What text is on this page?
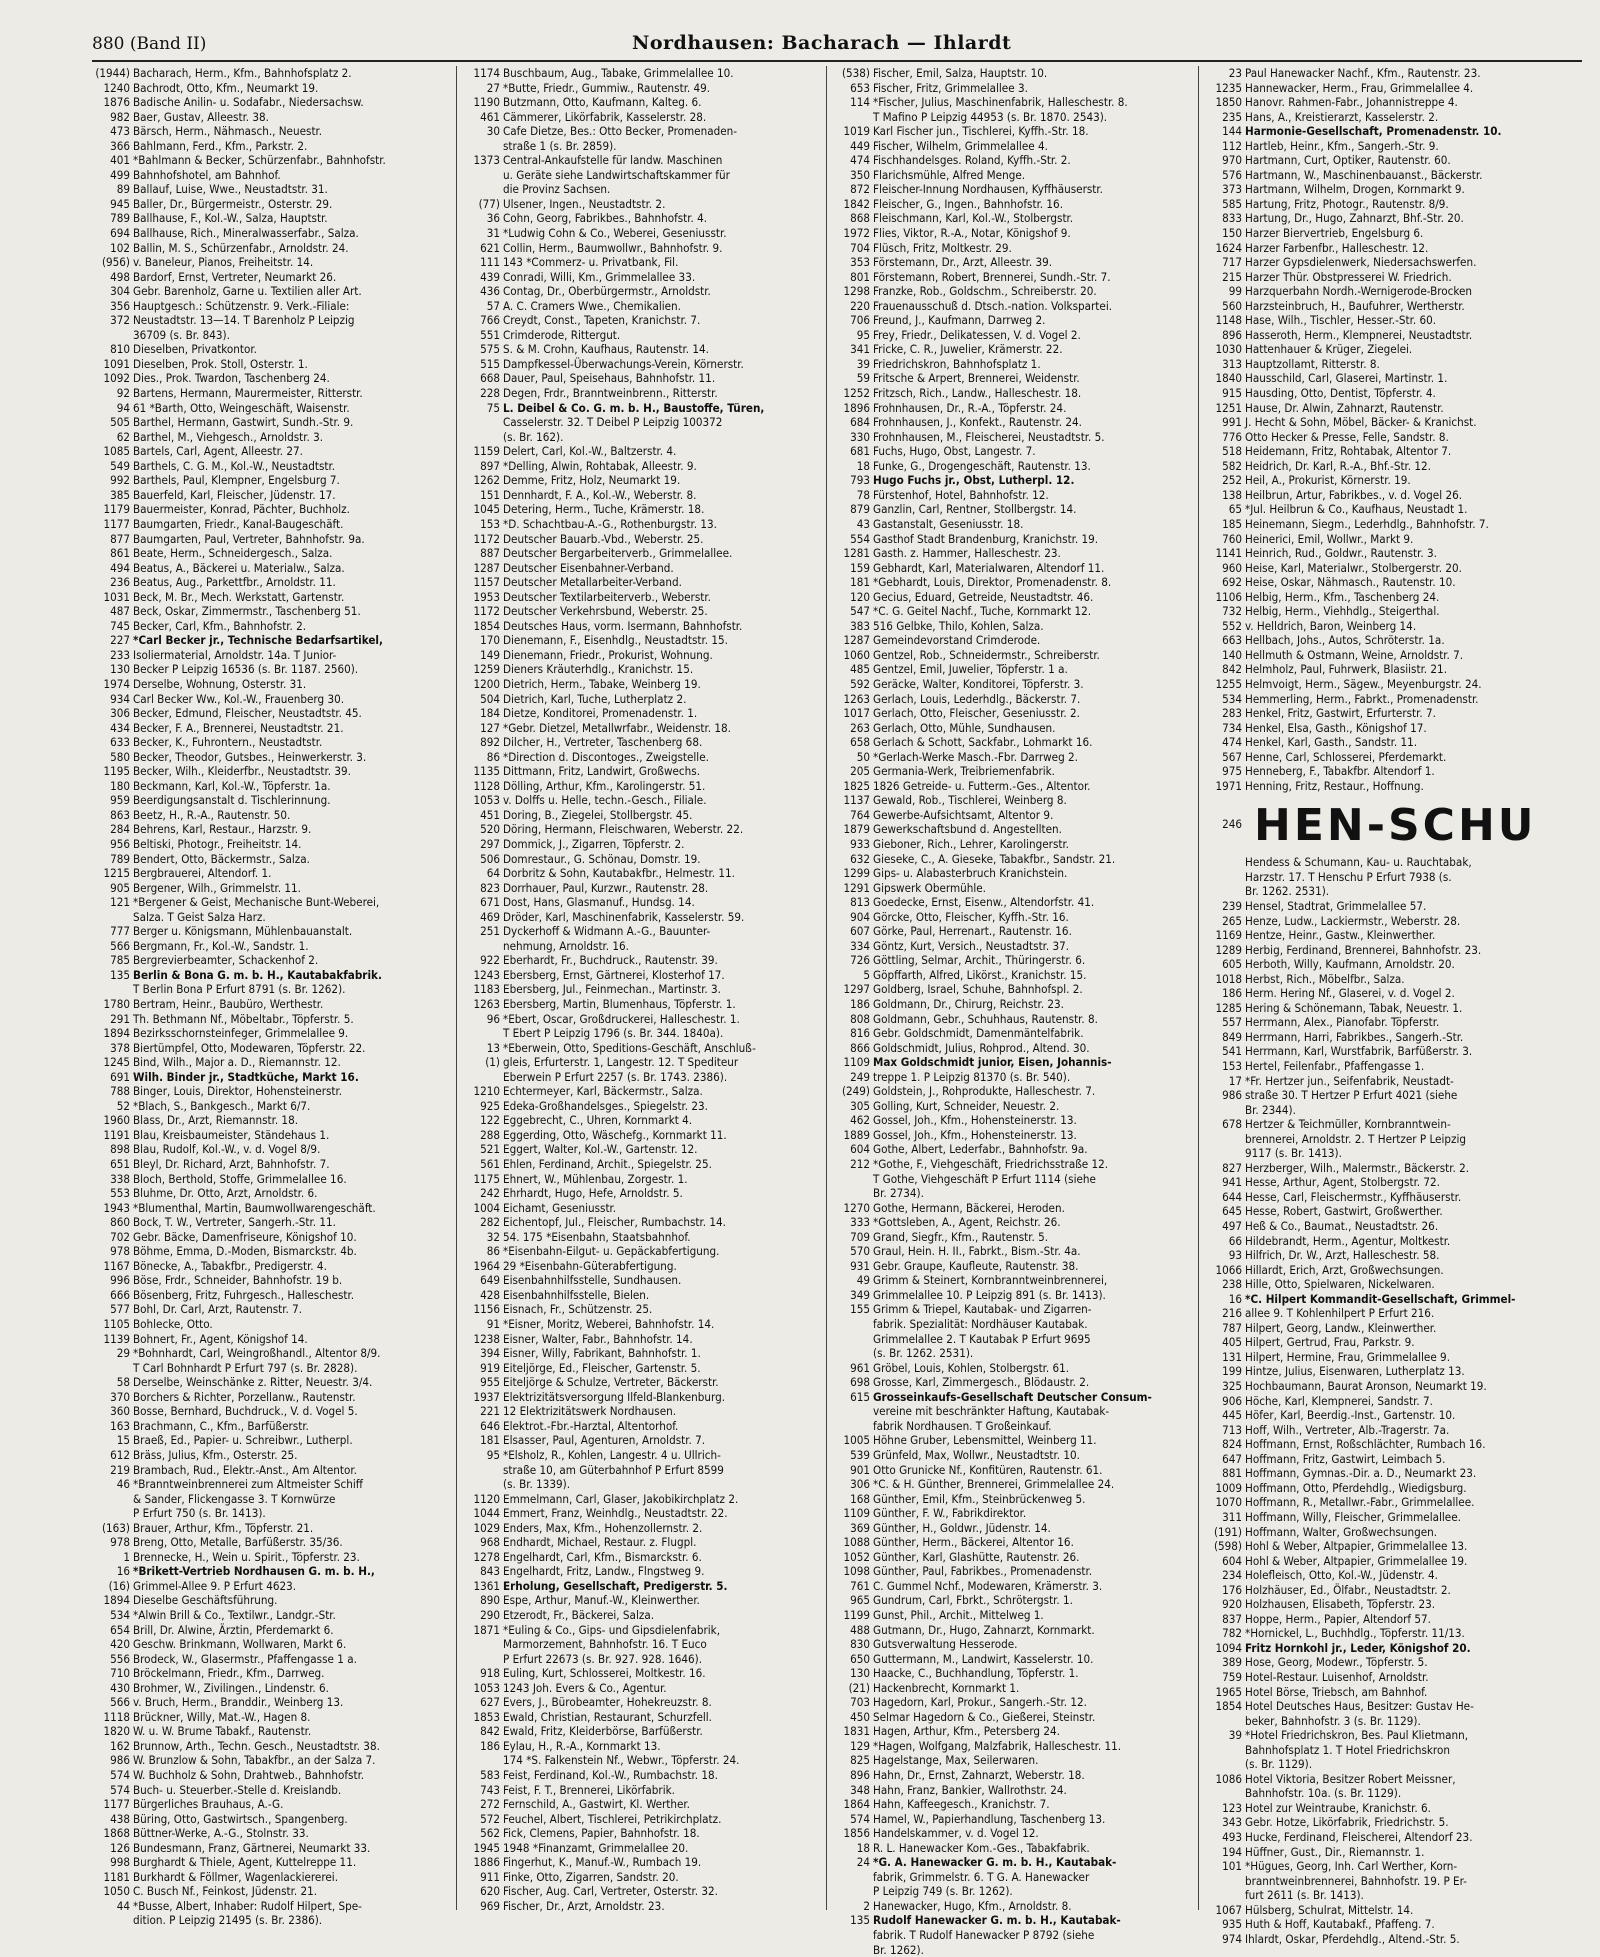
880 (Band II)	Nordhausen: Bacharach — Ihlardt
(1944) Bacharach, Herm., Kfm., Bahnhofsplatz 2.
1240 Bachrodt, Otto, Kfm., Neumarkt 19.
1876 Badische Anilin- u. Sodafabr., Niedersachsw.
982 Baer, Gustav, Alleestr. 38.
473 Bärsch, Herm., Nähmasch., Neuestr.
366 Bahlmann, Ferd., Kfm., Parkstr. 2.
401 *Bahlmann & Becker, Schürzenfabr., Bahnhofstr.
499 Bahnhofshotel, am Bahnhof.
89 Ballauf, Luise, Wwe., Neustadtstr. 31.
945 Baller, Dr., Bürgermeistr., Osterstr. 29.
789 Ballhause, F., Kol.-W., Salza, Hauptstr.
694 Ballhause, Rich., Mineralwasserfabr., Salza.
102 Ballin, M. S., Schürzenfabr., Arnoldstr. 24.
(956) v. Baneleur, Pianos, Freiheitstr. 14.
498 Bardorf, Ernst, Vertreter, Neumarkt 26.
304 Gebr. Barenholz, Garne u. Textilien aller Art.
356 Hauptgesch.: Schützenstr. 9. Verk.-Filiale:
372 Neustadtstr. 13—14. T Barenholz P Leipzig
36709 (s. Br. 843).
810 Dieselben, Privatkontor.
1091 Dieselben, Prok. Stoll, Osterstr. 1.
1092 Dies., Prok. Twardon, Taschenberg 24.
92 Bartens, Hermann, Maurermeister, Ritterstr.
94 61 *Barth, Otto, Weingeschäft, Waisenstr.
505 Barthel, Hermann, Gastwirt, Sundh.-Str. 9.
62 Barthel, M., Viehgesch., Arnoldstr. 3.
1085 Bartels, Carl, Agent, Alleestr. 27.
549 Barthels, C. G. M., Kol.-W., Neustadtstr.
992 Barthels, Paul, Klempner, Engelsburg 7.
385 Bauerfeld, Karl, Fleischer, Jüdenstr. 17.
1179 Bauermeister, Konrad, Pächter, Buchholz.
1177 Baumgarten, Friedr., Kanal-Baugeschäft.
877 Baumgarten, Paul, Vertreter, Bahnhofstr. 9a.
861 Beate, Herm., Schneidergesch., Salza.
494 Beatus, A., Bäckerei u. Materialw., Salza.
236 Beatus, Aug., Parkettfbr., Arnoldstr. 11.
1031 Beck, M. Br., Mech. Werkstatt, Gartenstr.
487 Beck, Oskar, Zimmermstr., Taschenberg 51.
745 Becker, Carl, Kfm., Bahnhofstr. 2.
227 *Carl Becker jr., Technische Bedarfsartikel,
233 Isoliermaterial, Arnoldstr. 14a. T Junior-
130 Becker P Leipzig 16536 (s. Br. 1187. 2560).
1974 Derselbe, Wohnung, Osterstr. 31.
934 Carl Becker Ww., Kol.-W., Frauenberg 30.
306 Becker, Edmund, Fleischer, Neustadtstr. 45.
434 Becker, F. A., Brennerei, Neustadtstr. 21.
633 Becker, K., Fuhrontern., Neustadtstr.
580 Becker, Theodor, Gutsbes., Heinwerkerstr. 3.
1195 Becker, Wilh., Kleiderfbr., Neustadtstr. 39.
180 Beckmann, Karl, Kol.-W., Töpferstr. 1a.
959 Beerdigungsanstalt d. Tischlerinnung.
863 Beetz, H., R.-A., Rautenstr. 50.
284 Behrens, Karl, Restaur., Harzstr. 9.
956 Beltiski, Photogr., Freiheitstr. 14.
789 Bendert, Otto, Bäckermstr., Salza.
1215 Bergbrauerei, Altendorf. 1.
905 Bergener, Wilh., Grimmelstr. 11.
121 *Bergener & Geist, Mechanische Bunt-Weberei,
Salza. T Geist Salza Harz.
777 Berger u. Königsmann, Mühlenbauanstalt.
566 Bergmann, Fr., Kol.-W., Sandstr. 1.
785 Bergrevierbeamter, Schackenhof 2.
135 Berlin & Bona G. m. b. H., Kautabakfabrik.
T Berlin Bona P Erfurt 8791 (s. Br. 1262).
1780 Bertram, Heinr., Baubüro, Werthestr.
291 Th. Bethmann Nf., Möbeltabr., Töpferstr. 5.
1894 Bezirksschornsteinfeger, Grimmelallee 9.
378 Biertümpfel, Otto, Modewaren, Töpferstr. 22.
1245 Bind, Wilh., Major a. D., Riemannstr. 12.
691 Wilh. Binder jr., Stadtküche, Markt 16.
788 Binger, Louis, Direktor, Hohensteinerstr.
52 *Blach, S., Bankgesch., Markt 6/7.
1960 Blass, Dr., Arzt, Riemannstr. 18.
1191 Blau, Kreisbaumeister, Ständehaus 1.
898 Blau, Rudolf, Kol.-W., v. d. Vogel 8/9.
651 Bleyl, Dr. Richard, Arzt, Bahnhofstr. 7.
338 Bloch, Berthold, Stoffe, Grimmelallee 16.
553 Bluhme, Dr. Otto, Arzt, Arnoldstr. 6.
1943 *Blumenthal, Martin, Baumwollwarengeschäft.
860 Bock, T. W., Vertreter, Sangerh.-Str. 11.
702 Gebr. Bäcke, Damenfriseure, Königshof 10.
978 Böhme, Emma, D.-Moden, Bismarckstr. 4b.
1167 Bönecke, A., Tabakfbr., Predigerstr. 4.
996 Böse, Frdr., Schneider, Bahnhofstr. 19 b.
666 Bösenberg, Fritz, Fuhrgesch., Halleschestr.
577 Bohl, Dr. Carl, Arzt, Rautenstr. 7.
1105 Bohlecke, Otto.
1139 Bohnert, Fr., Agent, Königshof 14.
29 *Bohnhardt, Carl, Weingroßhandl., Altentor 8/9.
T Carl Bohnhardt P Erfurt 797 (s. Br. 2828).
58 Derselbe, Weinschänke z. Ritter, Neuestr. 3/4.
370 Borchers & Richter, Porzellanw., Rautenstr.
360 Bosse, Bernhard, Buchdruck., V. d. Vogel 5.
163 Brachmann, C., Kfm., Barfüßerstr.
15 Braeß, Ed., Papier- u. Schreibwr., Lutherpl.
612 Bräss, Julius, Kfm., Osterstr. 25.
219 Brambach, Rud., Elektr.-Anst., Am Altentor.
46 *Branntweinbrennerei zum Altmeister Schiff
& Sander, Flickengasse 3. T Kornwürze
P Erfurt 750 (s. Br. 1413).
(163) Brauer, Arthur, Kfm., Töpferstr. 21.
978 Breng, Otto, Metalle, Barfüßerstr. 35/36.
1 Brennecke, H., Wein u. Spirit., Töpferstr. 23.
16 *Brikett-Vertrieb Nordhausen G. m. b. H.,
(16) Grimmel-Allee 9. P Erfurt 4623.
1894 Dieselbe Geschäftsführung.
534 *Alwin Brill & Co., Textilwr., Landgr.-Str.
654 Brill, Dr. Alwine, Ärztin, Pferdemarkt 6.
420 Geschw. Brinkmann, Wollwaren, Markt 6.
556 Brodeck, W., Glasermstr., Pfaffengasse 1 a.
710 Bröckelmann, Friedr., Kfm., Darrweg.
430 Brohmer, W., Zivilingen., Lindenstr. 6.
566 v. Bruch, Herm., Branddir., Weinberg 13.
1118 Brückner, Willy, Mat.-W., Hagen 8.
1820 W. u. W. Brume Tabakf., Rautenstr.
162 Brunnow, Arth., Techn. Gesch., Neustadtstr. 38.
986 W. Brunzlow & Sohn, Tabakfbr., an der Salza 7.
574 W. Buchholz & Sohn, Drahtweb., Bahnhofstr.
574 Buch- u. Steuerber.-Stelle d. Kreislandb.
1177 Bürgerliches Brauhaus, A.-G.
438 Büring, Otto, Gastwirtsch., Spangenberg.
1868 Büttner-Werke, A.-G., Stolnstr. 33.
126 Bundesmann, Franz, Gärtnerei, Neumarkt 33.
998 Burghardt & Thiele, Agent, Kuttelreppe 11.
1181 Burkhardt & Föllmer, Wagenlackiererei.
1050 C. Busch Nf., Feinkost, Jüdenstr. 21.
44 *Busse, Albert, Inhaber: Rudolf Hilpert, Spe-
dition. P Leipzig 21495 (s. Br. 2386).
1174 Buschbaum, Aug., Tabake, Grimmelallee 10.
27 *Butte, Friedr., Gummiw., Rautenstr. 49.
1190 Butzmann, Otto, Kaufmann, Kalteg. 6.
461 Cämmerer, Likörfabrik, Kasselerstr. 28.
30 Cafe Dietze, Bes.: Otto Becker, Promenaden-
straße 1 (s. Br. 2859).
1373 Central-Ankaufstelle für landw. Maschinen
u. Geräte siehe Landwirtschaftskammer für
die Provinz Sachsen.
(77) Ulsener, Ingen., Neustadtstr. 2.
36 Cohn, Georg, Fabrikbes., Bahnhofstr. 4.
31 *Ludwig Cohn & Co., Weberei, Geseniusstr.
621 Collin, Herm., Baumwollwr., Bahnhofstr. 9.
111 143 *Commerz- u. Privatbank, Fil.
439 Conradi, Willi, Km., Grimmelallee 33.
436 Contag, Dr., Oberbürgermstr., Arnoldstr.
57 A. C. Cramers Wwe., Chemikalien.
766 Creydt, Const., Tapeten, Kranichstr. 7.
551 Crimderode, Rittergut.
575 S. & M. Crohn, Kaufhaus, Rautenstr. 14.
515 Dampfkessel-Überwachungs-Verein, Körnerstr.
668 Dauer, Paul, Speisehaus, Bahnhofstr. 11.
228 Degen, Frdr., Branntweinbrenn., Ritterstr.
75 L. Deibel & Co. G. m. b. H., Baustoffe, Türen,
Casselerstr. 32. T Deibel P Leipzig 100372
(s. Br. 162).
1159 Delert, Carl, Kol.-W., Baltzerstr. 4.
897 *Delling, Alwin, Rohtabak, Alleestr. 9.
1262 Demme, Fritz, Holz, Neumarkt 19.
151 Dennhardt, F. A., Kol.-W., Weberstr. 8.
1045 Detering, Herm., Tuche, Krämerstr. 18.
153 *D. Schachtbau-A.-G., Rothenburgstr. 13.
1172 Deutscher Bauarb.-Vbd., Weberstr. 25.
887 Deutscher Bergarbeiterverb., Grimmelallee.
1287 Deutscher Eisenbahner-Verband.
1157 Deutscher Metallarbeiter-Verband.
1953 Deutscher Textilarbeiterverb., Weberstr.
1172 Deutscher Verkehrsbund, Weberstr. 25.
1854 Deutsches Haus, vorm. Isermann, Bahnhofstr.
170 Dienemann, F., Eisenhdlg., Neustadtstr. 15.
149 Dienemann, Friedr., Prokurist, Wohnung.
1259 Dieners Kräuterhdlg., Kranichstr. 15.
1200 Dietrich, Herm., Tabake, Weinberg 19.
504 Dietrich, Karl, Tuche, Lutherplatz 2.
184 Dietze, Konditorei, Promenadenstr. 1.
127 *Gebr. Dietzel, Metallwrfabr., Weidenstr. 18.
892 Dilcher, H., Vertreter, Taschenberg 68.
86 *Direction d. Discontoges., Zweigstelle.
1135 Dittmann, Fritz, Landwirt, Großwechs.
1128 Dölling, Arthur, Kfm., Karolingerstr. 51.
1053 v. Dolffs u. Helle, techn.-Gesch., Filiale.
451 Doring, B., Ziegelei, Stollbergstr. 45.
520 Döring, Hermann, Fleischwaren, Weberstr. 22.
297 Dommick, J., Zigarren, Töpferstr. 2.
506 Domrestaur., G. Schönau, Domstr. 19.
64 Dorbritz & Sohn, Kautabakfbr., Helmestr. 11.
823 Dorrhauer, Paul, Kurzwr., Rautenstr. 28.
671 Dost, Hans, Glasmanuf., Hundsg. 14.
469 Dröder, Karl, Maschinenfabrik, Kasselerstr. 59.
251 Dyckerhoff & Widmann A.-G., Bauunter-
nehmung, Arnoldstr. 16.
922 Eberhardt, Fr., Buchdruck., Rautenstr. 39.
1243 Ebersberg, Ernst, Gärtnerei, Klosterhof 17.
1183 Ebersberg, Jul., Feinmechan., Martinstr. 3.
1263 Ebersberg, Martin, Blumenhaus, Töpferstr. 1.
96 *Ebert, Oscar, Großdruckerei, Halleschestr. 1.
T Ebert P Leipzig 1796 (s. Br. 344. 1840a).
13 *Eberwein, Otto, Speditions-Geschäft, Anschluß-
(1) gleis, Erfurterstr. 1, Langestr. 12. T Spediteur
Eberwein P Erfurt 2257 (s. Br. 1743. 2386).
1210 Echtermeyer, Karl, Bäckermstr., Salza.
925 Edeka-Großhandelsges., Spiegelstr. 23.
122 Eggebrecht, C., Uhren, Kornmarkt 4.
288 Eggerding, Otto, Wäschefg., Kornmarkt 11.
521 Eggert, Walter, Kol.-W., Gartenstr. 12.
561 Ehlen, Ferdinand, Archit., Spiegelstr. 25.
1175 Ehnert, W., Mühlenbau, Zorgestr. 1.
242 Ehrhardt, Hugo, Hefe, Arnoldstr. 5.
1004 Eichamt, Geseniusstr.
282 Eichentopf, Jul., Fleischer, Rumbachstr. 14.
32 54. 175 *Eisenbahn, Staatsbahnhof.
86 *Eisenbahn-Eilgut- u. Gepäckabfertigung.
1964 29 *Eisenbahn-Güterabfertigung.
649 Eisenbahnhilfsstelle, Sundhausen.
428 Eisenbahnhilfsstelle, Bielen.
1156 Eisnach, Fr., Schützenstr. 25.
91 *Eisner, Moritz, Weberei, Bahnhofstr. 14.
1238 Eisner, Walter, Fabr., Bahnhofstr. 14.
394 Eisner, Willy, Fabrikant, Bahnhofstr. 1.
919 Eiteljörge, Ed., Fleischer, Gartenstr. 5.
955 Eiteljörge & Schulze, Vertreter, Bäckerstr.
1937 Elektrizitätsversorgung Ilfeld-Blankenburg.
221 12 Elektrizitätswerk Nordhausen.
646 Elektrot.-Fbr.-Harztal, Altentorhof.
181 Elsasser, Paul, Agenturen, Arnoldstr. 7.
95 *Elsholz, R., Kohlen, Langestr. 4 u. Ullrich-
straße 10, am Güterbahnhof P Erfurt 8599
(s. Br. 1339).
1120 Emmelmann, Carl, Glaser, Jakobikirchplatz 2.
1044 Emmert, Franz, Weinhdlg., Neustadtstr. 22.
1029 Enders, Max, Kfm., Hohenzollernstr. 2.
968 Endhardt, Michael, Restaur. z. Flugpl.
1278 Engelhardt, Carl, Kfm., Bismarckstr. 6.
843 Engelhardt, Fritz, Landw., Flngstweg 9.
1361 Erholung, Gesellschaft, Predigerstr. 5.
890 Espe, Arthur, Manuf.-W., Kleinwerther.
290 Etzerodt, Fr., Bäckerei, Salza.
1871 *Euling & Co., Gips- und Gipsdielenfabrik,
Marmorzement, Bahnhofstr. 16. T Euco
P Erfurt 22673 (s. Br. 927. 928. 1646).
918 Euling, Kurt, Schlosserei, Moltkestr. 16.
1053 1243 Joh. Evers & Co., Agentur.
627 Evers, J., Bürobeamter, Hohekreuzstr. 8.
1853 Ewald, Christian, Restaurant, Schurzfell.
842 Ewald, Fritz, Kleiderbörse, Barfüßerstr.
186 Eylau, H., R.-A., Kornmarkt 13.
174 *S. Falkenstein Nf., Webwr., Töpferstr. 24.
583 Feist, Ferdinand, Kol.-W., Rumbachstr. 18.
743 Feist, F. T., Brennerei, Likörfabrik.
272 Fernschild, A., Gastwirt, Kl. Werther.
572 Feuchel, Albert, Tischlerei, Petrikirchplatz.
562 Fick, Clemens, Papier, Bahnhofstr. 18.
1945 1948 *Finanzamt, Grimmelallee 20.
1886 Fingerhut, K., Manuf.-W., Rumbach 19.
911 Finke, Otto, Zigarren, Sandstr. 20.
620 Fischer, Aug. Carl, Vertreter, Osterstr. 32.
969 Fischer, Dr., Arzt, Arnoldstr. 23.
(538) Fischer, Emil, Salza, Hauptstr. 10.
653 Fischer, Fritz, Grimmelallee 3.
114 *Fischer, Julius, Maschinenfabrik, Halleschestr. 8.
T Mafino P Leipzig 44953 (s. Br. 1870. 2543).
1019 Karl Fischer jun., Tischlerei, Kyffh.-Str. 18.
449 Fischer, Wilhelm, Grimmelallee 4.
474 Fischhandelsges. Roland, Kyffh.-Str. 2.
350 Flarichsmühle, Alfred Menge.
872 Fleischer-Innung Nordhausen, Kyffhäuserstr.
1842 Fleischer, G., Ingen., Bahnhofstr. 16.
868 Fleischmann, Karl, Kol.-W., Stolbergstr.
1972 Flies, Viktor, R.-A., Notar, Königshof 9.
704 Flüsch, Fritz, Moltkestr. 29.
353 Förstemann, Dr., Arzt, Alleestr. 39.
801 Förstemann, Robert, Brennerei, Sundh.-Str. 7.
1298 Franzke, Rob., Goldschm., Schreiberstr. 20.
220 Frauenausschuß d. Dtsch.-nation. Volkspartei.
706 Freund, J., Kaufmann, Darrweg 2.
95 Frey, Friedr., Delikatessen, V. d. Vogel 2.
341 Fricke, C. R., Juwelier, Krämerstr. 22.
39 Friedrichskron, Bahnhofsplatz 1.
59 Fritsche & Arpert, Brennerei, Weidenstr.
1252 Fritzsch, Rich., Landw., Halleschestr. 18.
1896 Frohnhausen, Dr., R.-A., Töpferstr. 24.
684 Frohnhausen, J., Konfekt., Rautenstr. 24.
330 Frohnhausen, M., Fleischerei, Neustadtstr. 5.
681 Fuchs, Hugo, Obst, Langestr. 7.
18 Funke, G., Drogengeschäft, Rautenstr. 13.
793 Hugo Fuchs jr., Obst, Lutherpl. 12.
78 Fürstenhof, Hotel, Bahnhofstr. 12.
879 Ganzlin, Carl, Rentner, Stollbergstr. 14.
43 Gastanstalt, Geseniusstr. 18.
554 Gasthof Stadt Brandenburg, Kranichstr. 19.
1281 Gasth. z. Hammer, Halleschestr. 23.
159 Gebhardt, Karl, Materialwaren, Altendorf 11.
181 *Gebhardt, Louis, Direktor, Promenadenstr. 8.
120 Gecius, Eduard, Getreide, Neustadtstr. 46.
547 *C. G. Geitel Nachf., Tuche, Kornmarkt 12.
383 516 Gelbke, Thilo, Kohlen, Salza.
1287 Gemeindevorstand Crimderode.
1060 Gentzel, Rob., Schneidermstr., Schreiberstr.
485 Gentzel, Emil, Juwelier, Töpferstr. 1 a.
592 Geräcke, Walter, Konditorei, Töpferstr. 3.
1263 Gerlach, Louis, Lederhdlg., Bäckerstr. 7.
1017 Gerlach, Otto, Fleischer, Geseniusstr. 2.
263 Gerlach, Otto, Mühle, Sundhausen.
658 Gerlach & Schott, Sackfabr., Lohmarkt 16.
50 *Gerlach-Werke Masch.-Fbr. Darrweg 2.
205 Germania-Werk, Treibriemenfabrik.
1825 1826 Getreide- u. Futterm.-Ges., Altentor.
1137 Gewald, Rob., Tischlerei, Weinberg 8.
764 Gewerbe-Aufsichtsamt, Altentor 9.
1879 Gewerkschaftsbund d. Angestellten.
933 Gieboner, Rich., Lehrer, Karolingerstr.
632 Gieseke, C., A. Gieseke, Tabakfbr., Sandstr. 21.
1299 Gips- u. Alabasterbruch Kranichstein.
1291 Gipswerk Obermühle.
813 Goedecke, Ernst, Eisenw., Altendorfstr. 41.
904 Görcke, Otto, Fleischer, Kyffh.-Str. 16.
607 Görke, Paul, Herrenart., Rautenstr. 16.
334 Göntz, Kurt, Versich., Neustadtstr. 37.
726 Göttling, Selmar, Archit., Thüringerstr. 6.
5 Göpffarth, Alfred, Likörst., Kranichstr. 15.
1297 Goldberg, Israel, Schuhe, Bahnhofspl. 2.
186 Goldmann, Dr., Chirurg, Reichstr. 23.
808 Goldmann, Gebr., Schuhhaus, Rautenstr. 8.
816 Gebr. Goldschmidt, Damenmäntelfabrik.
866 Goldschmidt, Julius, Rohprod., Altend. 30.
1109 Max Goldschmidt junior, Eisen, Johannis-
249 treppe 1. P Leipzig 81370 (s. Br. 540).
(249) Goldstein, J., Rohprodukte, Halleschestr. 7.
305 Golling, Kurt, Schneider, Neuestr. 2.
462 Gossel, Joh., Kfm., Hohensteinerstr. 13.
1889 Gossel, Joh., Kfm., Hohensteinerstr. 13.
604 Gothe, Albert, Lederfabr., Bahnhofstr. 9a.
212 *Gothe, F., Viehgeschäft, Friedrichsstraße 12.
T Gothe, Viehgeschäft P Erfurt 1114 (siehe
Br. 2734).
1270 Gothe, Hermann, Bäckerei, Heroden.
333 *Gottsleben, A., Agent, Reichstr. 26.
709 Grand, Siegfr., Kfm., Rautenstr. 5.
570 Graul, Hein. H. II., Fabrkt., Bism.-Str. 4a.
931 Gebr. Graupe, Kaufleute, Rautenstr. 38.
49 Grimm & Steinert, Kornbranntweinbrennerei,
349 Grimmelallee 10. P Leipzig 891 (s. Br. 1413).
155 Grimm & Triepel, Kautabak- und Zigarren-
fabrik. Spezialität: Nordhäuser Kautabak.
Grimmelallee 2. T Kautabak P Erfurt 9695
(s. Br. 1262. 2531).
961 Gröbel, Louis, Kohlen, Stolbergstr. 61.
698 Grosse, Karl, Zimmergesch., Blödaustr. 2.
615 Grosseinkaufs-Gesellschaft Deutscher Consum-
vereine mit beschränkter Haftung, Kautabak-
fabrik Nordhausen. T Großeinkauf.
1005 Höhne Gruber, Lebensmittel, Weinberg 11.
539 Grünfeld, Max, Wollwr., Neustadtstr. 10.
901 Otto Grunicke Nf., Konfitüren, Rautenstr. 61.
306 *C. & H. Günther, Brennerei, Grimmelallee 24.
168 Günther, Emil, Kfm., Steinbrückenweg 5.
1109 Günther, F. W., Fabrikdirektor.
369 Günther, H., Goldwr., Jüdenstr. 14.
1088 Günther, Herm., Bäckerei, Altentor 16.
1052 Günther, Karl, Glashütte, Rautenstr. 26.
1098 Günther, Paul, Fabrikbes., Promenadenstr.
761 C. Gummel Nchf., Modewaren, Krämerstr. 3.
965 Gundrum, Carl, Fbrkt., Schrötergstr. 1.
1199 Gunst, Phil., Archit., Mittelweg 1.
488 Gutmann, Dr., Hugo, Zahnarzt, Kornmarkt.
830 Gutsverwaltung Hesserode.
650 Guttermann, M., Landwirt, Kasselerstr. 10.
130 Haacke, C., Buchhandlung, Töpferstr. 1.
(21) Hackenbrecht, Kornmarkt 1.
703 Hagedorn, Karl, Prokur., Sangerh.-Str. 12.
450 Selmar Hagedorn & Co., Gießerei, Steinstr.
1831 Hagen, Arthur, Kfm., Petersberg 24.
129 *Hagen, Wolfgang, Malzfabrik, Halleschestr. 11.
825 Hagelstange, Max, Seilerwaren.
896 Hahn, Dr., Ernst, Zahnarzt, Weberstr. 18.
348 Hahn, Franz, Bankier, Wallrothstr. 24.
1864 Hahn, Kaffeegesch., Kranichstr. 7.
574 Hamel, W., Papierhandlung, Taschenberg 13.
1856 Handelskammer, v. d. Vogel 12.
18 R. L. Hanewacker Kom.-Ges., Tabakfabrik.
24 *G. A. Hanewacker G. m. b. H., Kautabak-
fabrik, Grimmelstr. 6. T G. A. Hanewacker
P Leipzig 749 (s. Br. 1262).
2 Hanewacker, Hugo, Kfm., Arnoldstr. 8.
135 Rudolf Hanewacker G. m. b. H., Kautabak-
fabrik. T Rudolf Hanewacker P 8792 (siehe
Br. 1262).
23 Paul Hanewacker Nachf., Kfm., Rautenstr. 23.
1235 Hannewacker, Herm., Frau, Grimmelallee 4.
1850 Hanovr. Rahmen-Fabr., Johannistreppe 4.
235 Hans, A., Kreistierarzt, Kasselerstr. 2.
144 Harmonie-Gesellschaft, Promenadenstr. 10.
112 Hartleb, Heinr., Kfm., Sangerh.-Str. 9.
970 Hartmann, Curt, Optiker, Rautenstr. 60.
576 Hartmann, W., Maschinenbauanst., Bäckerstr.
373 Hartmann, Wilhelm, Drogen, Kornmarkt 9.
585 Hartung, Fritz, Photogr., Rautenstr. 8/9.
833 Hartung, Dr., Hugo, Zahnarzt, Bhf.-Str. 20.
150 Harzer Biervertrieb, Engelsburg 6.
1624 Harzer Farbenfbr., Halleschestr. 12.
717 Harzer Gypsdielenwerk, Niedersachswerfen.
215 Harzer Thür. Obstpresserei W. Friedrich.
99 Harzquerbahn Nordh.-Wernigerode-Brocken
560 Harzsteinbruch, H., Baufuhrer, Wertherstr.
1148 Hase, Wilh., Tischler, Hesser.-Str. 60.
896 Hasseroth, Herm., Klempnerei, Neustadtstr.
1030 Hattenhauer & Krüger, Ziegelei.
313 Hauptzollamt, Ritterstr. 8.
1840 Hausschild, Carl, Glaserei, Martinstr. 1.
915 Hausding, Otto, Dentist, Töpferstr. 4.
1251 Hause, Dr. Alwin, Zahnarzt, Rautenstr.
991 J. Hecht & Sohn, Möbel, Bäcker- & Kranichst.
776 Otto Hecker & Presse, Felle, Sandstr. 8.
518 Heidemann, Fritz, Rohtabak, Altentor 7.
582 Heidrich, Dr. Karl, R.-A., Bhf.-Str. 12.
252 Heil, A., Prokurist, Körnerstr. 19.
138 Heilbrun, Artur, Fabrikbes., v. d. Vogel 26.
65 *Jul. Heilbrun & Co., Kaufhaus, Neustadt 1.
185 Heinemann, Siegm., Lederhdlg., Bahnhofstr. 7.
760 Heinerici, Emil, Wollwr., Markt 9.
1141 Heinrich, Rud., Goldwr., Rautenstr. 3.
960 Heise, Karl, Materialwr., Stolbergerstr. 20.
692 Heise, Oskar, Nähmasch., Rautenstr. 10.
1106 Helbig, Herm., Kfm., Taschenberg 24.
732 Helbig, Herm., Viehhdlg., Steigerthal.
552 v. Helldrich, Baron, Weinberg 14.
663 Hellbach, Johs., Autos, Schröterstr. 1a.
140 Hellmuth & Ostmann, Weine, Arnoldstr. 7.
842 Helmholz, Paul, Fuhrwerk, Blasiistr. 21.
1255 Helmvoigt, Herm., Sägew., Meyenburgstr. 24.
534 Hemmerling, Herm., Fabrkt., Promenadenstr.
283 Henkel, Fritz, Gastwirt, Erfurterstr. 7.
734 Henkel, Elsa, Gasth., Königshof 17.
474 Henkel, Karl, Gasth., Sandstr. 11.
567 Henne, Carl, Schlosserei, Pferdemarkt.
975 Henneberg, F., Tabakfbr. Altendorf 1.
1971 Henning, Fritz, Restaur., Hoffnung.
246 HEN-SCHU
Hendess & Schumann, Kau- u. Rauchtabak,
Harzstr. 17. T Henschu P Erfurt 7938 (s.
Br. 1262. 2531).
239 Hensel, Stadtrat, Grimmelallee 57.
265 Henze, Ludw., Lackiermstr., Weberstr. 28.
1169 Hentze, Heinr., Gastw., Kleinwerther.
1289 Herbig, Ferdinand, Brennerei, Bahnhofstr. 23.
605 Herboth, Willy, Kaufmann, Arnoldstr. 20.
1018 Herbst, Rich., Möbelfbr., Salza.
186 Herm. Hering Nf., Glaserei, v. d. Vogel 2.
1285 Hering & Schönemann, Tabak, Neuestr. 1.
557 Herrmann, Alex., Pianofabr. Töpferstr.
849 Herrmann, Harri, Fabrikbes., Sangerh.-Str.
541 Herrmann, Karl, Wurstfabrik, Barfüßerstr. 3.
153 Hertel, Feilenfabr., Pfaffengasse 1.
17 *Fr. Hertzer jun., Seifenfabrik, Neustadt-
986 straße 30. T Hertzer P Erfurt 4021 (siehe
Br. 2344).
678 Hertzer & Teichmüller, Kornbranntwein-
brennerei, Arnoldstr. 2. T Hertzer P Leipzig
9117 (s. Br. 1413).
827 Herzberger, Wilh., Malermstr., Bäckerstr. 2.
941 Hesse, Arthur, Agent, Stolbergstr. 72.
644 Hesse, Carl, Fleischermstr., Kyffhäuserstr.
645 Hesse, Robert, Gastwirt, Großwerther.
497 Heß & Co., Baumat., Neustadtstr. 26.
66 Hildebrandt, Herm., Agentur, Moltkestr.
93 Hilfrich, Dr. W., Arzt, Halleschestr. 58.
1066 Hillardt, Erich, Arzt, Großwechsungen.
238 Hille, Otto, Spielwaren, Nickelwaren.
16 *C. Hilpert Kommandit-Gesellschaft, Grimmel-
216 allee 9. T Kohlenhilpert P Erfurt 216.
787 Hilpert, Georg, Landw., Kleinwerther.
405 Hilpert, Gertrud, Frau, Parkstr. 9.
131 Hilpert, Hermine, Frau, Grimmelallee 9.
199 Hintze, Julius, Eisenwaren, Lutherplatz 13.
325 Hochbaumann, Baurat Aronson, Neumarkt 19.
906 Höche, Karl, Klempnerei, Sandstr. 7.
445 Höfer, Karl, Beerdig.-Inst., Gartenstr. 10.
713 Hoff, Wilh., Vertreter, Alb.-Tragerstr. 7a.
824 Hoffmann, Ernst, Roßschlächter, Rumbach 16.
647 Hoffmann, Fritz, Gastwirt, Leimbach 5.
881 Hoffmann, Gymnas.-Dir. a. D., Neumarkt 23.
1009 Hoffmann, Otto, Pferdehdlg., Wiedigsburg.
1070 Hoffmann, R., Metallwr.-Fabr., Grimmelallee.
311 Hoffmann, Willy, Fleischer, Grimmelallee.
(191) Hoffmann, Walter, Großwechsungen.
(598) Hohl & Weber, Altpapier, Grimmelallee 13.
604 Hohl & Weber, Altpapier, Grimmelallee 19.
234 Holefleisch, Otto, Kol.-W., Jüdenstr. 4.
176 Holzhäuser, Ed., Ölfabr., Neustadtstr. 2.
920 Holzhausen, Elisabeth, Töpferstr. 23.
837 Hoppe, Herm., Papier, Altendorf 57.
782 *Hornickel, L., Buchhdlg., Töpferstr. 11/13.
1094 Fritz Hornkohl jr., Leder, Königshof 20.
389 Hose, Georg, Modewr., Töpferstr. 5.
759 Hotel-Restaur. Luisenhof, Arnoldstr.
1965 Hotel Börse, Triebsch, am Bahnhof.
1854 Hotel Deutsches Haus, Besitzer: Gustav He-
beker, Bahnhofstr. 3 (s. Br. 1129).
39 *Hotel Friedrichskron, Bes. Paul Klietmann,
Bahnhofsplatz 1. T Hotel Friedrichskron
(s. Br. 1129).
1086 Hotel Viktoria, Besitzer Robert Meissner,
Bahnhofstr. 10a. (s. Br. 1129).
123 Hotel zur Weintraube, Kranichstr. 6.
343 Gebr. Hotze, Likörfabrik, Friedrichstr. 5.
493 Hucke, Ferdinand, Fleischerei, Altendorf 23.
194 Hüffner, Gust., Dir., Riemannstr. 1.
101 *Hügues, Georg, Inh. Carl Werther, Korn-
branntweinbrennerei, Bahnhofstr. 19. P Er-
furt 2611 (s. Br. 1413).
1067 Hülsberg, Schulrat, Mittelstr. 14.
935 Huth & Hoff, Kautabakf., Pfaffeng. 7.
974 Ihlardt, Oskar, Pferdehdlg., Altend.-Str. 5.
